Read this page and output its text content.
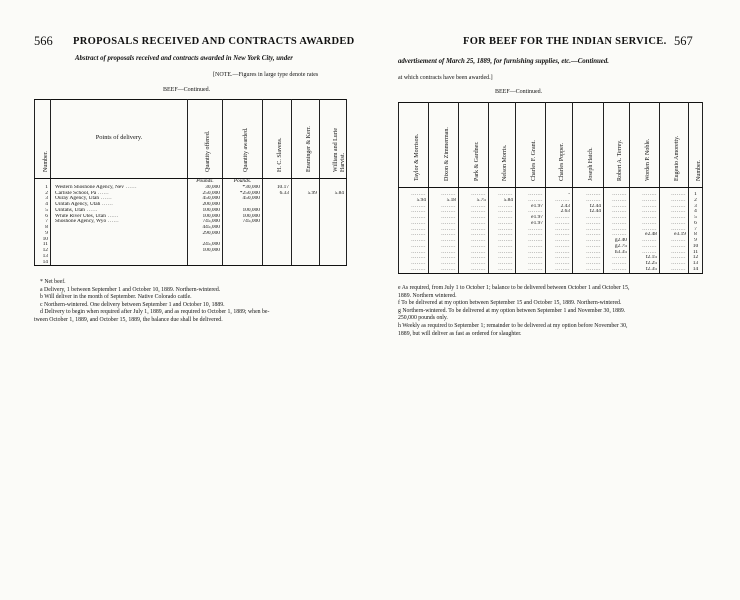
566 PROPOSALS RECEIVED AND CONTRACTS AWARDED
Abstract of proposals received and contracts awarded in New York City, under
[NOTE.—Figures in large type denote rates
BEEF—Continued.
Number.	Points of delivery.	Quantity offered.	Quantity awarded.	H. C. Slavens.	Ensminger & Kerr.	William and Lurie
Harvist.

		Pounds.	Pounds.			
1	Western Shoshone Agency, Nev ......	30,000	*30,000	10.17		
2	Carlisle School, Pa ......	250,000	*250,000	6.33	5.99	5.84
3	Ouray Agency, Utah ......	450,000	450,000			
4	Uintah Agency, Utah ......	200,000				
5	Uintahs, Utah ......	100,000	100,000			
6	White River Utes, Utah ......	100,000	100,000			
7	Shoshone Agency, Wyo ......	745,000	745,000			
8		445,000				
9		290,000				
10						
11		245,000				
12		100,000				
13						
14						
* Net beef.
a Delivery, 1 between September 1 and October 10, 1889. Northern-wintered.
b Will deliver in the month of September. Native Colorado cattle.
c Northern-wintered. One delivery between September 1 and October 10, 1889.
d Delivery to begin when required after July 1, 1889, and as required to October 1, 1889; when be-
tween October 1, 1889, and October 15, 1889, the balance due shall be delivered.
FOR BEEF FOR THE INDIAN SERVICE. 567
advertisement of March 25, 1889, for furnishing supplies, etc.—Continued.
at which contracts have been awarded.]
BEEF—Continued.
Taylor & Morrison.	Dixon & Zimmerman.	Park & Gardner.	Nelson Morris.	Charles F. Grant.	Charles Popper.	Joseph Hatch.	Robert A. Terrey.	Worden P. Noble.	Eugenio Amoretty.	Number.

........	........	........	........	........	-	........	........	........	........	1
5.94	5.18	5.75	5.84	........	........	........	........	........	........	2
........	........	........	........	e1.97	2.43	f2.44	........	........	........	3
........	........	........	........	........	2.63	f2.44	........	........	........	4
........	........	........	........	e1.97	........	........	........	........	........	5
........	........	........	........	e1.97	........	........	........	........	........	6
........	........	........	........	........	........	........	........	........	........	7
........	........	........	........	........	........	........	........	e2.48	e3.19	8
........	........	........	........	........	........	........	g2.40	........	........	9
........	........	........	........	........	........	........	g2.75	........	........	10
........	........	........	........	........	........	........	h3.35	........	........	11
........	........	........	........	........	........	........	........	f2.15	........	12
........	........	........	........	........	........	........	........	f2.25	........	13
........	........	........	........	........	........	........	........	f2.35	........	14
e As required, from July 1 to October 1; balance to be delivered between October 1 and October 15,
1889. Northern wintered.
f To be delivered at my option between September 15 and October 15, 1889. Northern-wintered.
g Northern-wintered. To be delivered at my option between September 1 and November 30, 1889.
250,000 pounds only.
h Weekly as required to September 1; remainder to be delivered at my option before November 30,
1889, but will deliver as fast as ordered for slaughter.
